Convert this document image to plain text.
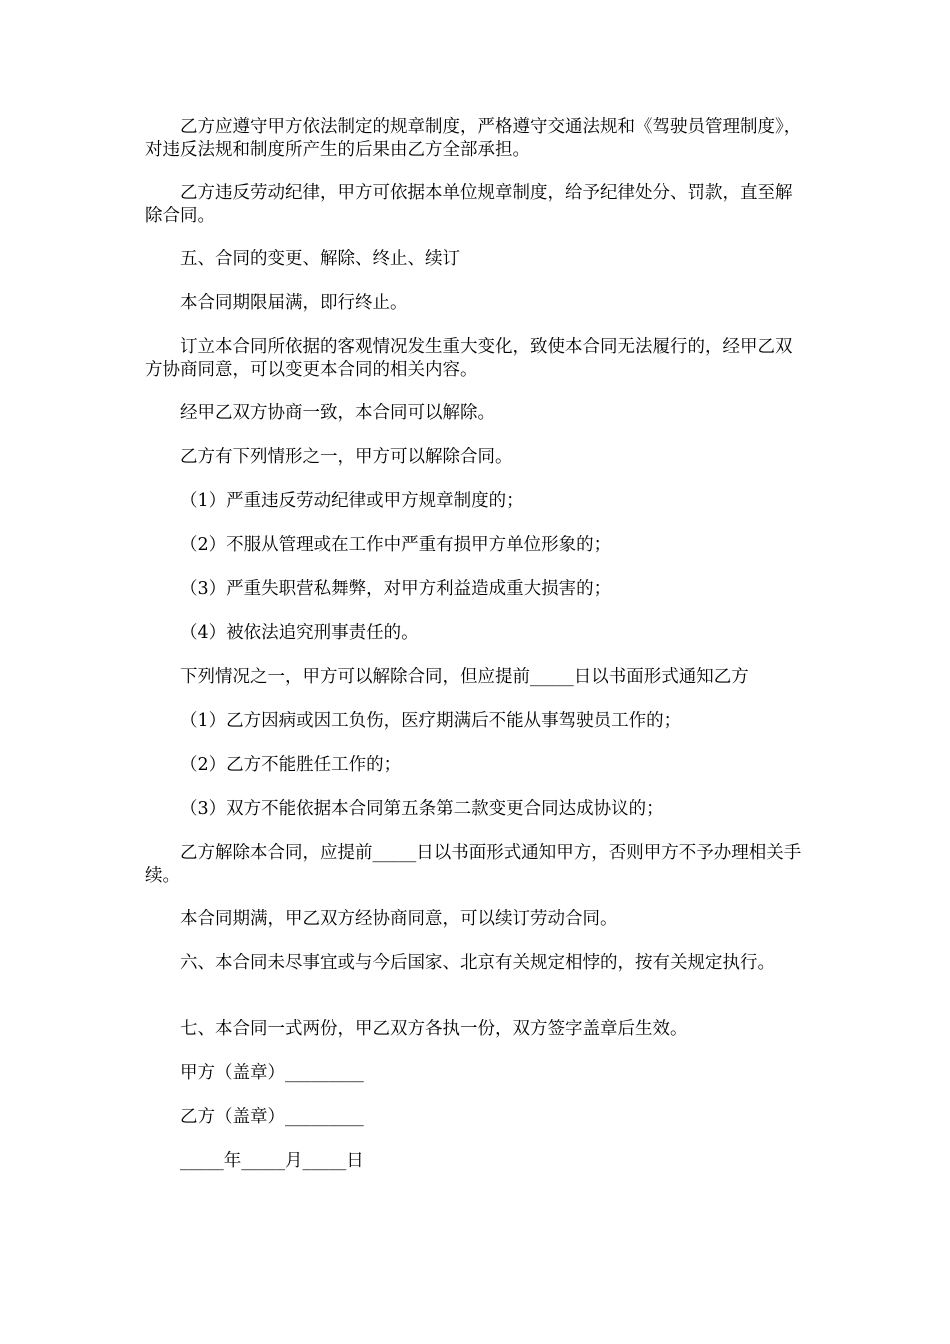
乙方应遵守甲方依法制定的规章制度，严格遵守交通法规和《驾驶员管理制度》，对违反法规和制度所产生的后果由乙方全部承担。

乙方违反劳动纪律，甲方可依据本单位规章制度，给予纪律处分、罚款，直至解除合同。

五、合同的变更、解除、终止、续订

本合同期限届满，即行终止。

订立本合同所依据的客观情况发生重大变化，致使本合同无法履行的，经甲乙双方协商同意，可以变更本合同的相关内容。

经甲乙双方协商一致，本合同可以解除。

乙方有下列情形之一，甲方可以解除合同。

（1）严重违反劳动纪律或甲方规章制度的；

（2）不服从管理或在工作中严重有损甲方单位形象的；

（3）严重失职营私舞弊，对甲方利益造成重大损害的；

（4）被依法追究刑事责任的。

下列情况之一，甲方可以解除合同，但应提前_____日以书面形式通知乙方

（1）乙方因病或因工负伤，医疗期满后不能从事驾驶员工作的；

（2）乙方不能胜任工作的；

（3）双方不能依据本合同第五条第二款变更合同达成协议的；

乙方解除本合同，应提前_____日以书面形式通知甲方，否则甲方不予办理相关手续。

本合同期满，甲乙双方经协商同意，可以续订劳动合同。

六、本合同未尽事宜或与今后国家、北京有关规定相悖的，按有关规定执行。

七、本合同一式两份，甲乙双方各执一份，双方签字盖章后生效。

甲方（盖章）_________

乙方（盖章）_________

_____年_____月_____日
